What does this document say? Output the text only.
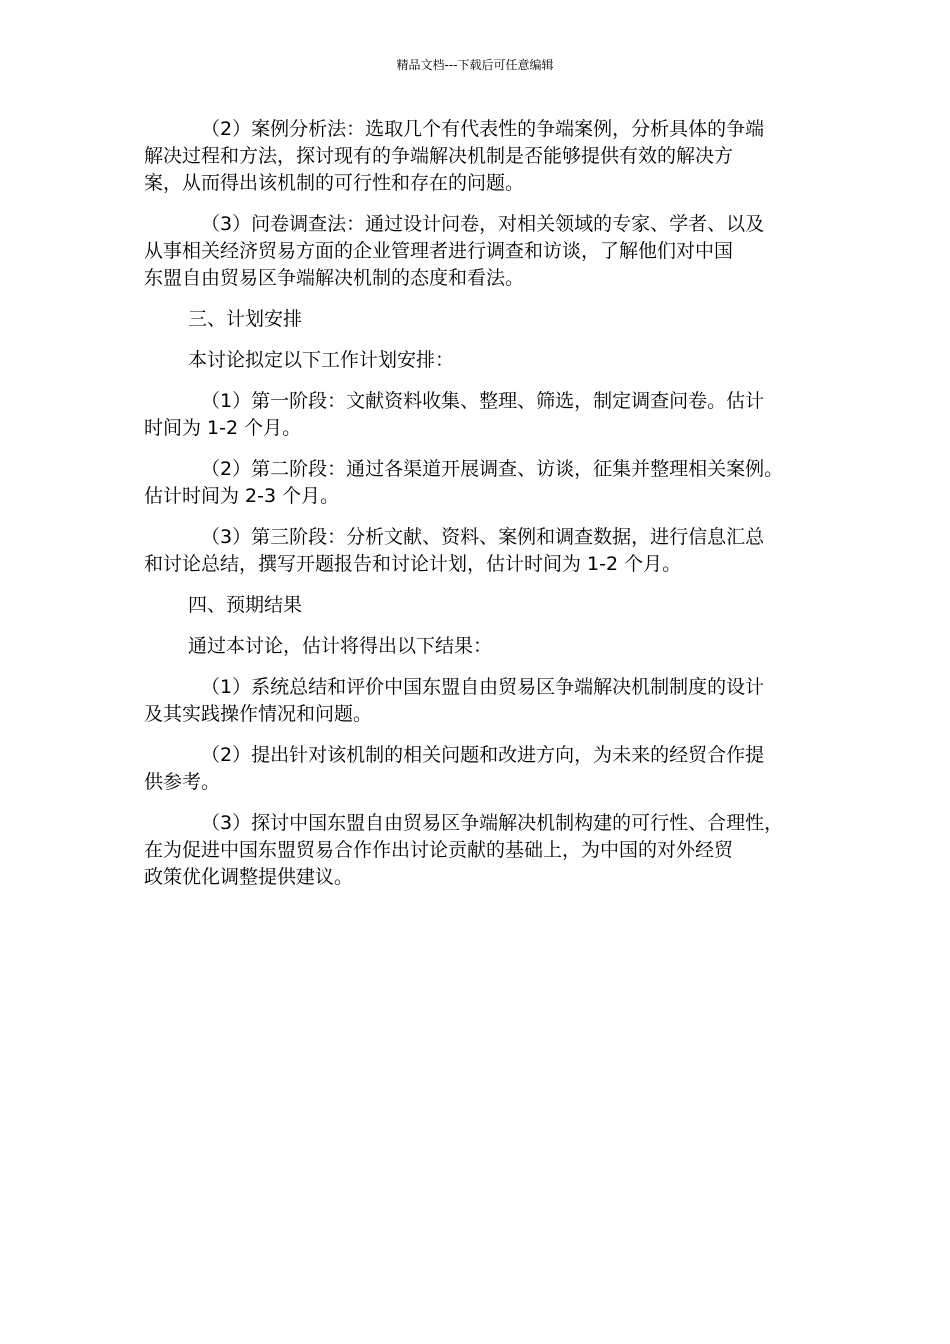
精品文档---下载后可任意编辑
（2）案例分析法：选取几个有代表性的争端案例，分析具体的争端
解决过程和方法，探讨现有的争端解决机制是否能够提供有效的解决方
案，从而得出该机制的可行性和存在的问题。
（3）问卷调查法：通过设计问卷，对相关领域的专家、学者、以及
从事相关经济贸易方面的企业管理者进行调查和访谈，了解他们对中国
东盟自由贸易区争端解决机制的态度和看法。
三、计划安排
本讨论拟定以下工作计划安排：
（1）第一阶段：文献资料收集、整理、筛选，制定调查问卷。估计
时间为 1-2 个月。
（2）第二阶段：通过各渠道开展调查、访谈，征集并整理相关案例。
估计时间为 2-3 个月。
（3）第三阶段：分析文献、资料、案例和调查数据，进行信息汇总
和讨论总结，撰写开题报告和讨论计划，估计时间为 1-2 个月。
四、预期结果
通过本讨论，估计将得出以下结果：
（1）系统总结和评价中国东盟自由贸易区争端解决机制制度的设计
及其实践操作情况和问题。
（2）提出针对该机制的相关问题和改进方向，为未来的经贸合作提
供参考。
（3）探讨中国东盟自由贸易区争端解决机制构建的可行性、合理性，
在为促进中国东盟贸易合作作出讨论贡献的基础上，为中国的对外经贸
政策优化调整提供建议。
